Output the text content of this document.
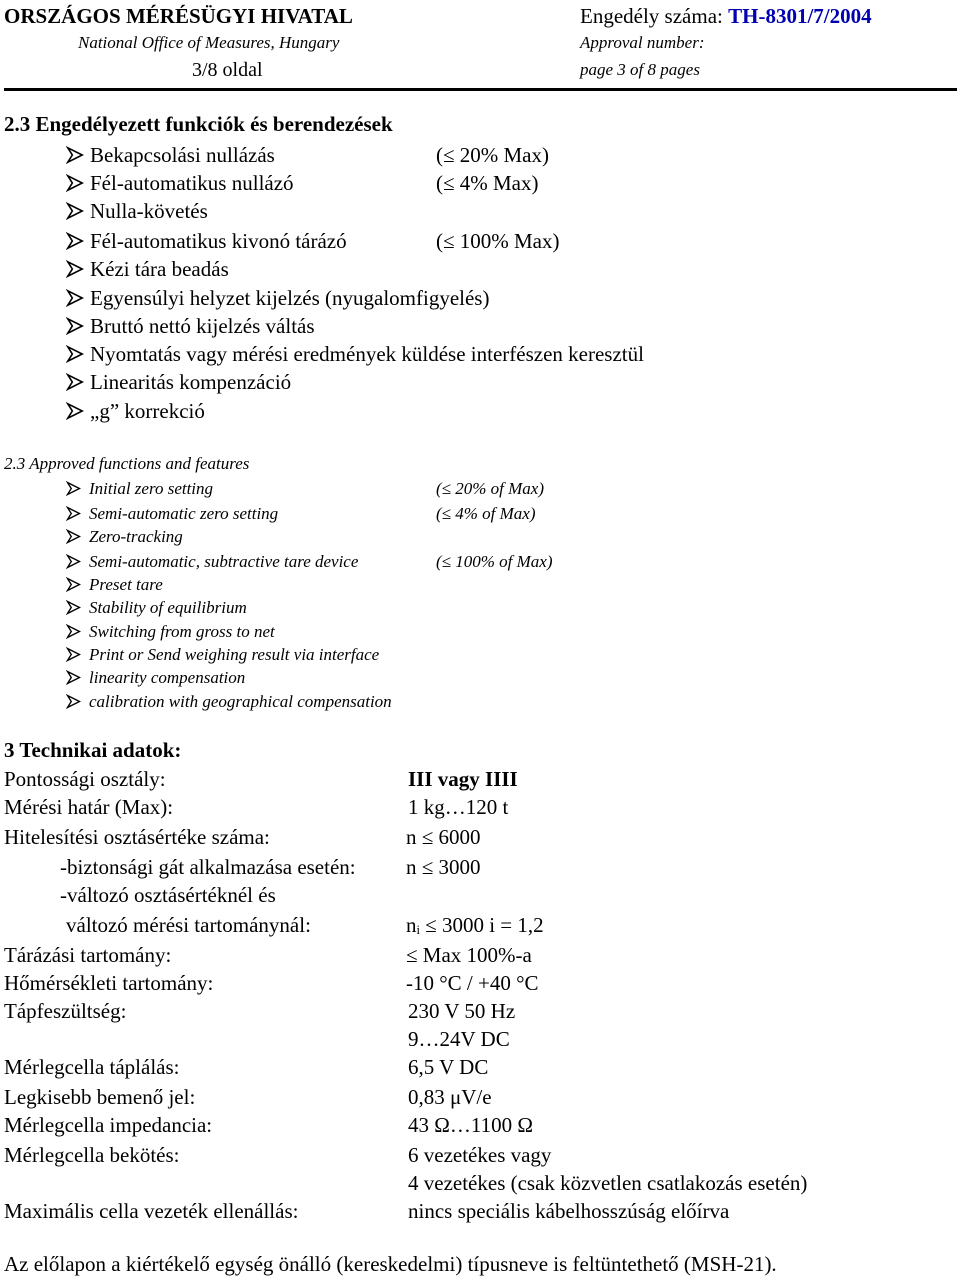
ORSZÁGOS MÉRÉSÜGYI HIVATAL
National Office of Measures, Hungary
3/8 oldal
Engedély száma: TH-8301/7/2004
Approval number:
page 3 of 8 pages
2.3 Engedélyezett funkciók és berendezések
Bekapcsolási nullázás	(≤ 20% Max)
Fél-automatikus nullázó	(≤ 4% Max)
Nulla-követés
Fél-automatikus kivonó tárázó	(≤ 100% Max)
Kézi tára beadás
Egyensúlyi helyzet kijelzés (nyugalomfigyelés)
Bruttó nettó kijelzés váltás
Nyomtatás vagy mérési eredmények küldése interfészen keresztül
Linearitás kompenzáció
„g” korrekció
2.3 Approved functions and features
Initial zero setting	(≤ 20% of Max)
Semi-automatic zero setting	(≤ 4% of Max)
Zero-tracking
Semi-automatic, subtractive tare device	(≤ 100% of Max)
Preset tare
Stability of equilibrium
Switching from gross to net
Print or Send weighing result via interface
linearity compensation
calibration with geographical compensation
3 Technikai adatok:
Pontossági osztály:	III vagy IIII
Mérési határ (Max):	1 kg…120 t
Hitelesítési osztásértéke száma:	n ≤ 6000
-biztonsági gát alkalmazása esetén: n ≤ 3000
-változó osztásértéknél és
változó mérési tartománynál:	nᵢ ≤ 3000 i = 1,2
Tárázási tartomány:	≤ Max 100%-a
Hőmérsékleti tartomány:	-10 °C / +40 °C
Tápfeszültség:	230 V 50 Hz
9…24V DC
Mérlegcella táplálás:	6,5 V DC
Legkisebb bemenő jel:	0,83 μV/e
Mérlegcella impedancia:	43 Ω…1100 Ω
Mérlegcella bekötés:	6 vezetékes vagy
4 vezetékes (csak közvetlen csatlakozás esetén)
Maximális cella vezeték ellenállás:	nincs speciális kábelhosszúság előírva
Az előlapon a kiértékelő egység önálló (kereskedelmi) típusneve is feltüntethető (MSH-21).
